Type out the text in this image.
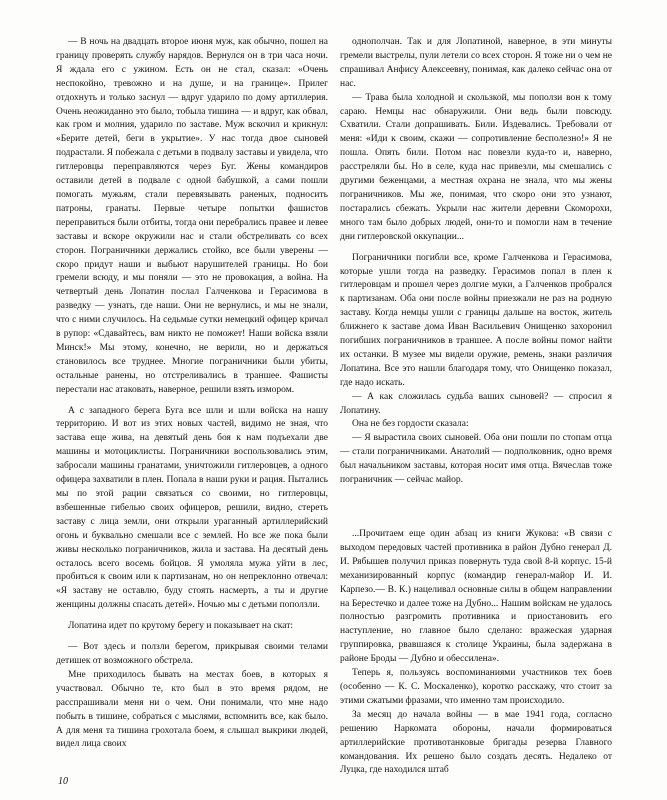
— В ночь на двадцать второе июня муж, как обычно, пошел на границу проверять службу нарядов. Вернулся он в три часа ночи. Я ждала его с ужином. Есть он не стал, сказал: «Очень неспокойно, тревожно и на душе, и на границе». Прилег отдохнуть и только заснул — вдруг ударило по дому артиллерия. Очень неожиданно это было, тобыла тишина — и вдруг, как обвал, как гром и молния, ударило по заставе. Муж вскочил и крикнул: «Берите детей, беги в укрытие». У нас тогда двое сыновей подрастали. Я побежала с детьми в подвалу заставы и увидела, что гитлеровцы переправляются через Буг. Жены командиров оставили детей в подвале с одной бабушкой, а сами пошли помогать мужьям, стали перевязывать раненых, подносить патроны, гранаты. Первые четыре попытки фашистов переправиться были отбиты, тогда они перебрались правее и левее заставы и вскоре окружили нас и стали обстреливать со всех сторон. Пограничники держались стойко, все были уверены — скоро придут наши и выбьют нарушителей границы. Но бои гремели всюду, и мы поняли — это не провокация, а война. На четвертый день Лопатин послал Галченкова и Герасимова в разведку — узнать, где наши. Они не вернулись, и мы не знали, что с ними случилось. На седьмые сутки немецкий офицер кричал в рупор: «Сдавайтесь, вам никто не поможет! Наши войска взяли Минск!» Мы этому, конечно, не верили, но и держаться становилось все труднее. Многие пограничники были убиты, остальные ранены, но отстреливались в траншее. Фашисты перестали нас атаковать, наверное, решили взять измором.

А с западного берега Буга все шли и шли войска на нашу территорию. И вот из этих новых частей, видимо не зная, что застава еще жива, на девятый день боя к нам подъехали две машины и мотоциклисты. Пограничники воспользовались этим, забросали машины гранатами, уничтожили гитлеровцев, а одного офицера захватили в плен. Попала в наши руки и рация. Пытались мы по этой рации связаться со своими, но гитлеровцы, взбешенные гибелью своих офицеров, решили, видно, стереть заставу с лица земли, они открыли ураганный артиллерийский огонь и буквально смешали все с землей. Но все же пока были живы несколько пограничников, жила и застава. На десятый день осталось всего восемь бойцов. Я умоляла мужа уйти в лес, пробиться к своим или к партизанам, но он непреклонно отвечал: «Я заставу не оставлю, буду стоять насмерть, а ты и другие женщины должны спасать детей». Ночью мы с детьми поползли.

Лопатина идет по крутому берегу и показывает на скат:

— Вот здесь и ползли берегом, прикрывая своими телами детишек от возможного обстрела.

Мне приходилось бывать на местах боев, в которых я участвовал. Обычно те, кто был в это время рядом, не расспрашивали меня ни о чем. Они понимали, что мне надо побыть в тишине, собраться с мыслями, вспомнить все, как было. А для меня та тишина грохотала боем, я слышал выкрики людей, видел лица своих

однополчан. Так и для Лопатиной, наверное, в эти минуты гремели выстрелы, пули летели со всех сторон. Я тоже ни о чем не спрашивал Анфису Алексеевну, понимая, как далеко сейчас она от нас.

— Трава была холодной и скользкой, мы поползи вон к тому сараю. Немцы нас обнаружили. Они ведь были повсюду. Схватили. Стали допрашивать. Били. Издевались. Требовали от меня: «Иди к своим, скажи — сопротивление бесполезно!» Я не пошла. Опять били. Потом нас повезли куда-то и, наверно, расстреляли бы. Но в селе, куда нас привезли, мы смешались с другими беженцами, а местная охрана не знала, что мы жены пограничников. Мы же, понимая, что скоро они это узнают, постарались сбежать. Укрыли нас жители деревни Скоморохи, много там было добрых людей, они-то и помогли нам в течение дни гитлеровской оккупации...

Пограничники погибли все, кроме Галченкова и Герасимова, которые ушли тогда на разведку. Герасимов попал в плен к гитлеровцам и прошел через долгие муки, а Галченков пробрался к партизанам. Оба они после войны приезжали не раз на родную заставу. Когда немцы ушли с границы дальше на восток, житель ближнего к заставе дома Иван Васильевич Онищенко захоронил погибших пограничников в траншее. А после войны помог найти их останки. В музее мы видели оружие, ремень, знаки различия Лопатина. Все это нашли благодаря тому, что Онищенко показал, где надо искать.

— А как сложилась судьба ваших сыновей? — спросил я Лопатину.

Она не без гордости сказала:

— Я вырастила своих сыновей. Оба они пошли по стопам отца — стали пограничниками. Анатолий — подполковник, одно время был начальником заставы, которая носит имя отца. Вячеслав тоже пограничник — сейчас майор.

...Прочитаем еще один абзац из книги Жукова: «В связи с выходом передовых частей противника в район Дубно генерал Д. И. Рябышев получил приказ повернуть туда свой 8-й корпус. 15-й механизированный корпус (командир генерал-майор И. И. Карпезо.— В. К.) нацеливал основные силы в общем направлении на Берестечко и далее тоже на Дубно... Нашим войскам не удалось полностью разгромить противника и приостановить его наступление, но главное было сделано: вражеская ударная группировка, рвавшаяся к столице Украины, была задержана в районе Броды — Дубно и обессилена».

Теперь я, пользуясь воспоминаниями участников тех боев (особенно — К. С. Москаленко), коротко расскажу, что стоит за этими сжатыми фразами, что именно там происходило.

За месяц до начала войны — в мае 1941 года, согласно решению Наркомата обороны, начали формироваться артиллерийские противотанковые бригады резерва Главного командования. Их решено было создать десять. Недалеко от Луцка, где находился штаб

10
